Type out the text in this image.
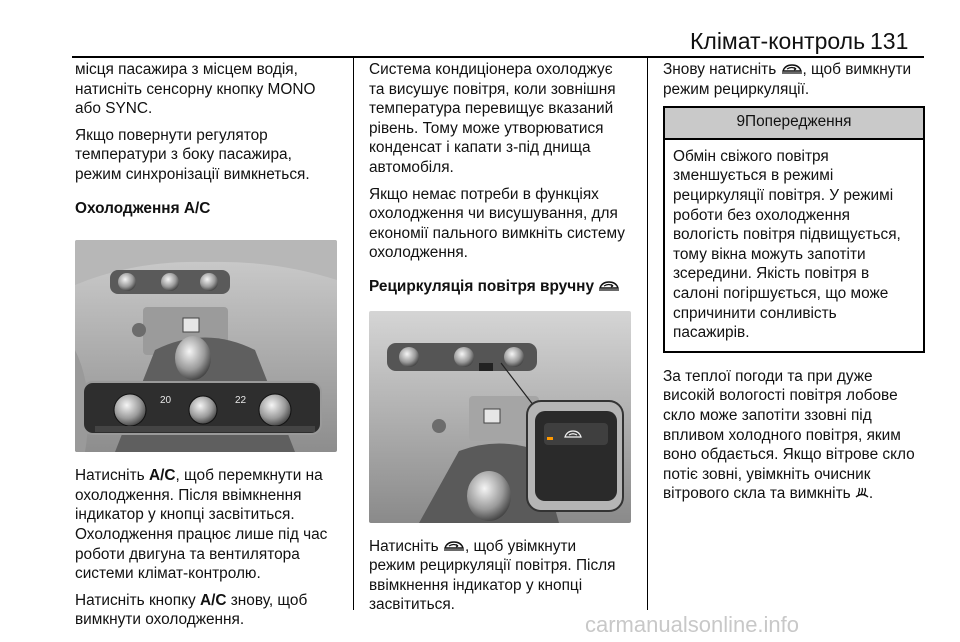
Клімат-контроль 131

місця пасажира з місцем водія,
натисніть сенсорну кнопку MONO
або SYNC.

Якщо повернути регулятор
температури з боку пасажира,
режим синхронізації вимкнеться.

Охолодження A/C
20	22

Натисніть A/C, щоб перемкнути на
охолодження. Після ввімкнення
індикатор у кнопці засвітиться.
Охолодження працює лише під час
роботи двигуна та вентилятора
системи клімат-контролю.

Натисніть кнопку A/C знову, щоб
вимкнути охолодження.

Система кондиціонера охолоджує
та висушує повітря, коли зовнішня
температура перевищує вказаний
рівень. Тому може утворюватися
конденсат і капати з-під днища
автомобіля.

Якщо немає потреби в функціях
охолодження чи висушування, для
економії пального вимкніть систему
охолодження.

Рециркуляція повітря вручну

Натисніть , щоб увімкнути
режим рециркуляції повітря. Після
ввімкнення індикатор у кнопці
засвітиться.

Знову натисніть , щоб вимкнути
режим рециркуляції.

9Попередження
Обмін свіжого повітря
зменшується в режимі
рециркуляції повітря. У режимі
роботи без охолодження
вологість повітря підвищується,
тому вікна можуть запотіти
зсередини. Якість повітря в
салоні погіршується, що може
спричинити сонливість
пасажирів.

За теплої погоди та при дуже
високій вологості повітря лобове
скло може запотіти ззовні під
впливом холодного повітря, яким
воно обдається. Якщо вітрове скло
потіє зовні, увімкніть очисник
вітрового скла та вимкніть .

carmanualsonline.info
